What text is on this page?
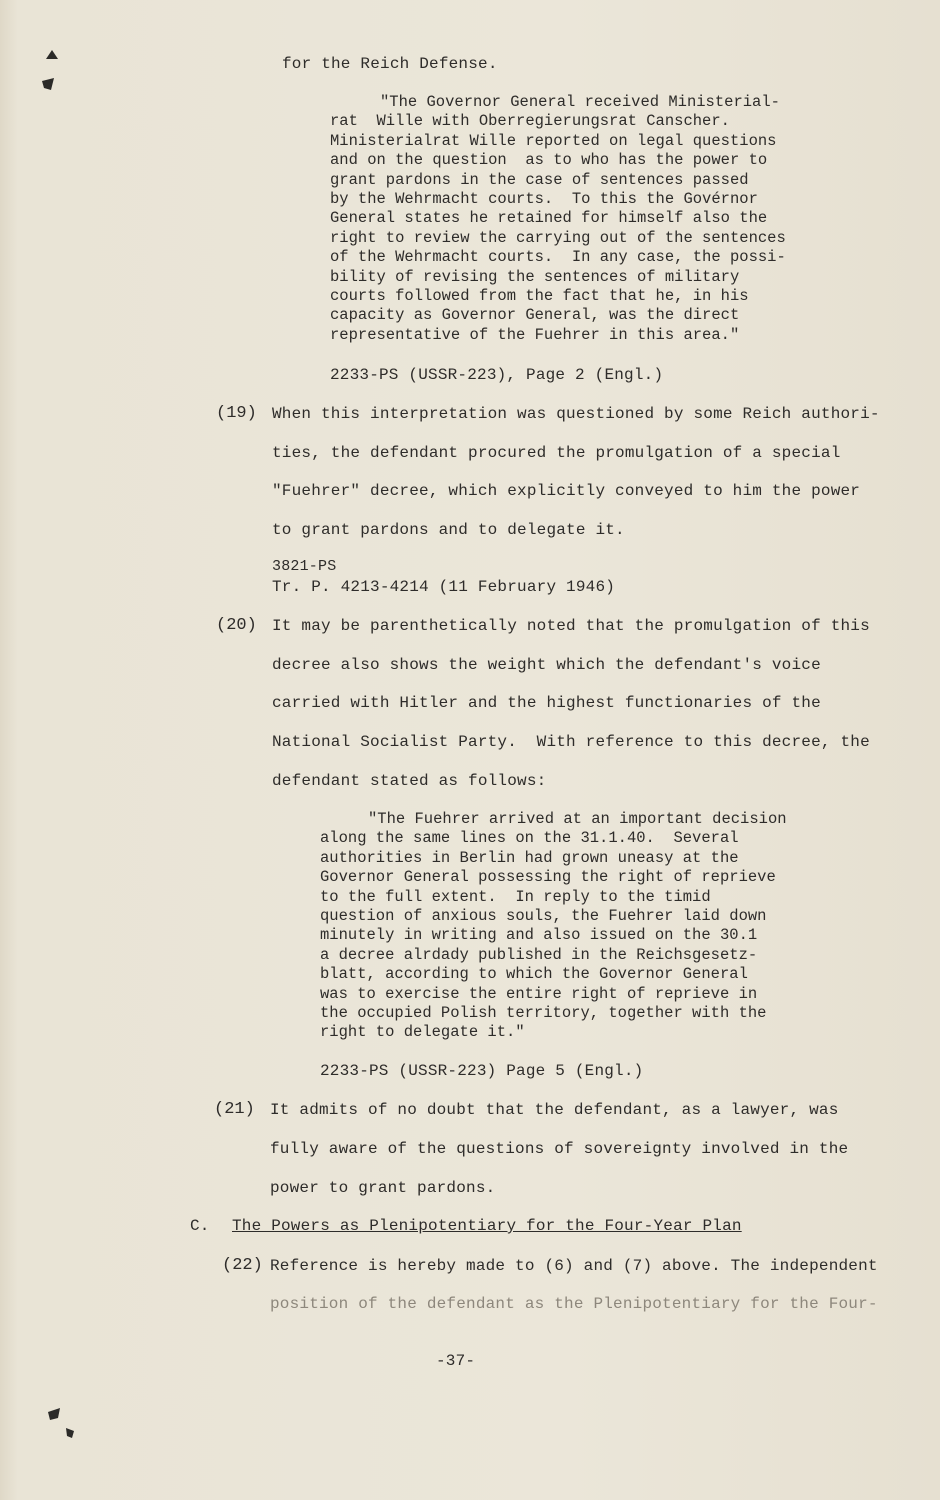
for the Reich Defense.
"The Governor General received Ministerial-
rat  Wille with Oberregierungsrat Canscher.
Ministerialrat Wille reported on legal questions
and on the question  as to who has the power to
grant pardons in the case of sentences passed
by the Wehrmacht courts.  To this the Govérnor
General states he retained for himself also the
right to review the carrying out of the sentences
of the Wehrmacht courts.  In any case, the possi-
bility of revising the sentences of military
courts followed from the fact that he, in his
capacity as Governor General, was the direct
representative of the Fuehrer in this area."
2233-PS (USSR-223), Page 2 (Engl.)
(19) When this interpretation was questioned by some Reich authori-
ties, the defendant procured the promulgation of a special
"Fuehrer" decree, which explicitly conveyed to him the power
to grant pardons and to delegate it.
3821-PS
Tr. P. 4213-4214 (11 February 1946)
(20) It may be parenthetically noted that the promulgation of this
decree also shows the weight which the defendant's voice
carried with Hitler and the highest functionaries of the
National Socialist Party.  With reference to this decree, the
defendant stated as follows:
"The Fuehrer arrived at an important decision
along the same lines on the 31.1.40.  Several
authorities in Berlin had grown uneasy at the
Governor General possessing the right of reprieve
to the full extent.  In reply to the timid
question of anxious souls, the Fuehrer laid down
minutely in writing and also issued on the 30.1
a decree alrdady published in the Reichsgesetz-
blatt, according to which the Governor General
was to exercise the entire right of reprieve in
the occupied Polish territory, together with the
right to delegate it."
2233-PS (USSR-223) Page 5 (Engl.)
(21) It admits of no doubt that the defendant, as a lawyer, was
fully aware of the questions of sovereignty involved in the
power to grant pardons.
C. The Powers as Plenipotentiary for the Four-Year Plan
(22) Reference is hereby made to (6) and (7) above. The independent
position of the defendant as the Plenipotentiary for the Four-
-37-
